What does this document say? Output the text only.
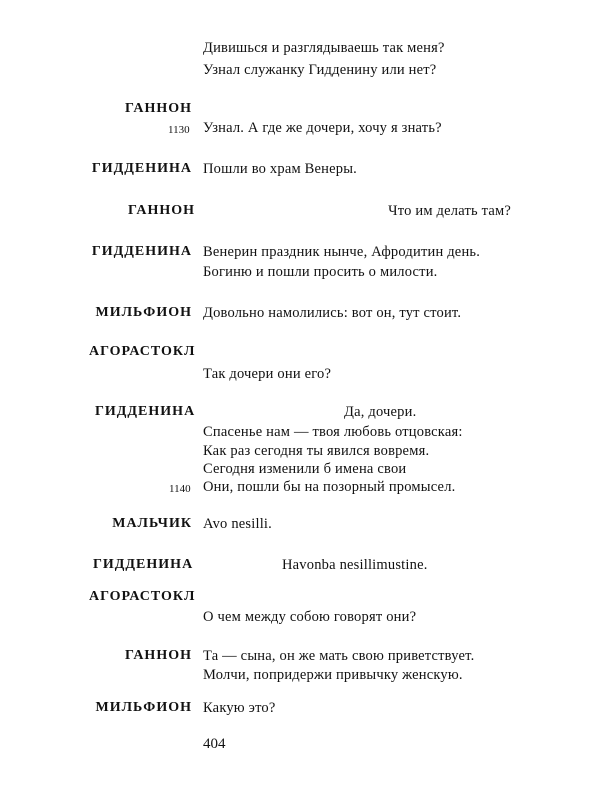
Дивишься и разглядываешь так меня?
Узнал служанку Гидденину или нет?
ГАННОН
1130 Узнал. А где же дочери, хочу я знать?
ГИДДЕНИНА Пошли во храм Венеры.
ГАННОН	Что им делать там?
ГИДДЕНИНА Венерин праздник нынче, Афродитин день.
Богиню и пошли просить о милости.
МИЛЬФИОН Довольно намолились: вот он, тут стоит.
АГОРАСТОКЛ
Так дочери они его?
ГИДДЕНИНА	Да, дочери.
Спасенье нам — твоя любовь отцовская:
Как раз сегодня ты явился вовремя.
Сегодня изменили б имена свои
1140 Они, пошли бы на позорный промысел.
МАЛЬЧИК Avo nesilli.
ГИДДЕНИНА	Havonba nesillimustine.
АГОРАСТОКЛ
О чем между собою говорят они?
ГАННОН Та — сына, он же мать свою приветствует.
Молчи, попридержи привычку женскую.
МИЛЬФИОН Какую это?
404
